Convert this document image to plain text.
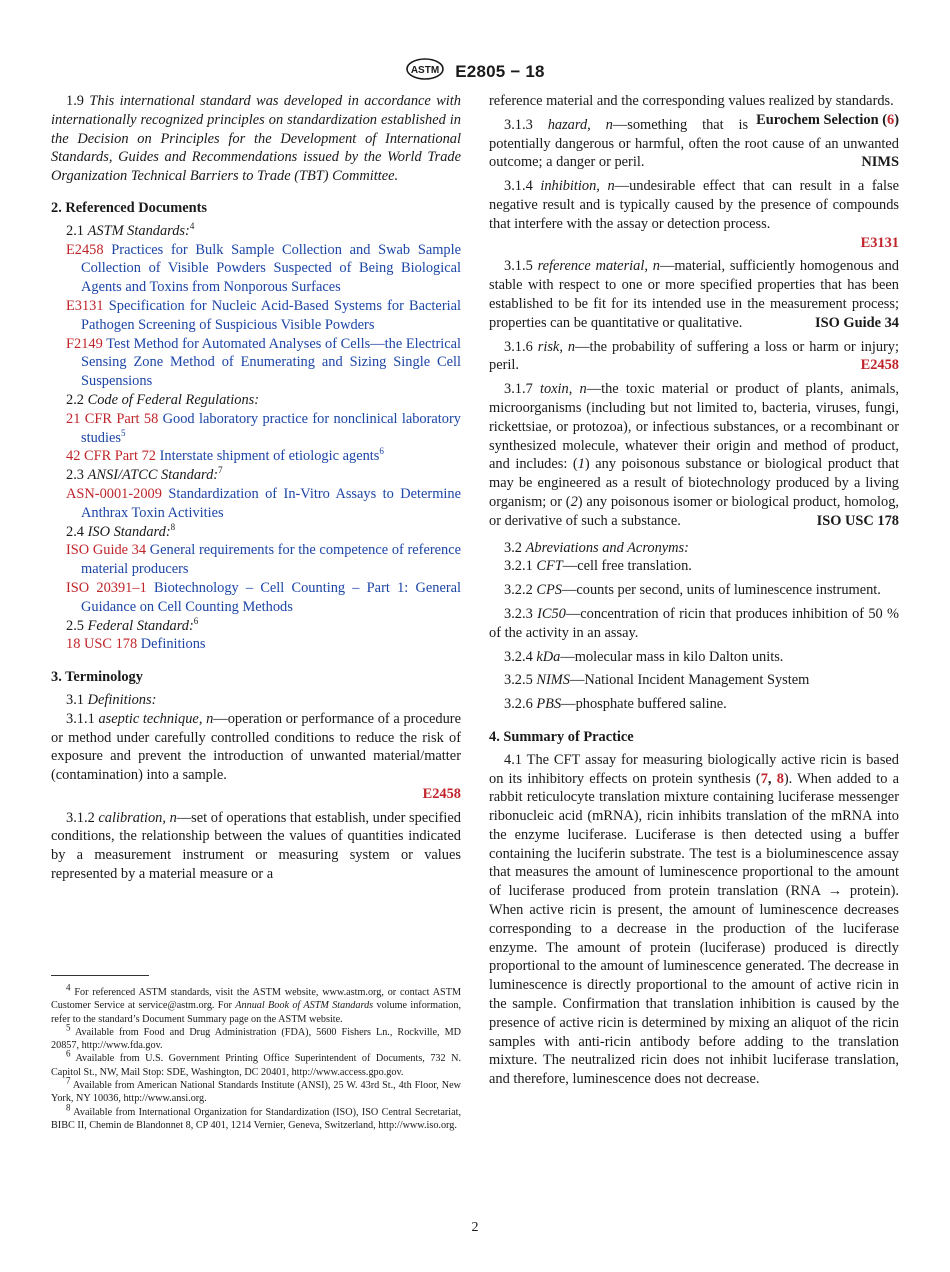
ASTM E2805 − 18

1.9 This international standard was developed in accordance with internationally recognized principles on standardization established in the Decision on Principles for the Development of International Standards, Guides and Recommendations issued by the World Trade Organization Technical Barriers to Trade (TBT) Committee.

2. Referenced Documents

2.1 ASTM Standards:$^4$

E2458 Practices for Bulk Sample Collection and Swab Sample Collection of Visible Powders Suspected of Being Biological Agents and Toxins from Nonporous Surfaces

E3131 Specification for Nucleic Acid-Based Systems for Bacterial Pathogen Screening of Suspicious Visible Powders

F2149 Test Method for Automated Analyses of Cells—the Electrical Sensing Zone Method of Enumerating and Sizing Single Cell Suspensions

2.2 Code of Federal Regulations:

21 CFR Part 58 Good laboratory practice for nonclinical laboratory studies$^5$

42 CFR Part 72 Interstate shipment of etiologic agents$^6$

2.3 ANSI/ATCC Standard:$^7$

ASN-0001-2009 Standardization of In-Vitro Assays to Determine Anthrax Toxin Activities

2.4 ISO Standard:$^8$

ISO Guide 34 General requirements for the competence of reference material producers

ISO 20391–1 Biotechnology – Cell Counting – Part 1: General Guidance on Cell Counting Methods

2.5 Federal Standard:$^6$

18 USC 178 Definitions

3. Terminology

3.1 Definitions:

3.1.1 aseptic technique, n—operation or performance of a procedure or method under carefully controlled conditions to reduce the risk of exposure and prevent the introduction of unwanted material/matter (contamination) into a sample.
E2458

3.1.2 calibration, n—set of operations that establish, under specified conditions, the relationship between the values of quantities indicated by a measurement instrument or measuring system or values represented by a material measure or a

$^4$ For referenced ASTM standards, visit the ASTM website, www.astm.org, or contact ASTM Customer Service at service@astm.org. For Annual Book of ASTM Standards volume information, refer to the standard’s Document Summary page on the ASTM website.

$^5$ Available from Food and Drug Administration (FDA), 5600 Fishers Ln., Rockville, MD 20857, http://www.fda.gov.

$^6$ Available from U.S. Government Printing Office Superintendent of Documents, 732 N. Capitol St., NW, Mail Stop: SDE, Washington, DC 20401, http://www.access.gpo.gov.

$^7$ Available from American National Standards Institute (ANSI), 25 W. 43rd St., 4th Floor, New York, NY 10036, http://www.ansi.org.

$^8$ Available from International Organization for Standardization (ISO), ISO Central Secretariat, BIBC II, Chemin de Blandonnet 8, CP 401, 1214 Vernier, Geneva, Switzerland, http://www.iso.org.

reference material and the corresponding values realized by standards.
Eurochem Selection (6)

3.1.3 hazard, n—something that is potentially dangerous or harmful, often the root cause of an unwanted outcome; a danger or peril.	NIMS

3.1.4 inhibition, n—undesirable effect that can result in a false negative result and is typically caused by the presence of compounds that interfere with the assay or detection process.
E3131

3.1.5 reference material, n—material, sufficiently homogenous and stable with respect to one or more specified properties that has been established to be fit for its intended use in the measurement process; properties can be quantitative or qualitative.	ISO Guide 34

3.1.6 risk, n—the probability of suffering a loss or harm or injury; peril.	E2458

3.1.7 toxin, n—the toxic material or product of plants, animals, microorganisms (including but not limited to, bacteria, viruses, fungi, rickettsiae, or protozoa), or infectious substances, or a recombinant or synthesized molecule, whatever their origin and method of product, and includes: (1) any poisonous substance or biological product that may be engineered as a result of biotechnology produced by a living organism; or (2) any poisonous isomer or biological product, homolog, or derivative of such a substance.	ISO USC 178

3.2 Abreviations and Acronyms:

3.2.1 CFT—cell free translation.

3.2.2 CPS—counts per second, units of luminescence instrument.

3.2.3 IC50—concentration of ricin that produces inhibition of 50 % of the activity in an assay.

3.2.4 kDa—molecular mass in kilo Dalton units.

3.2.5 NIMS—National Incident Management System

3.2.6 PBS—phosphate buffered saline.

4. Summary of Practice

4.1 The CFT assay for measuring biologically active ricin is based on its inhibitory effects on protein synthesis (7, 8). When added to a rabbit reticulocyte translation mixture containing luciferase messenger ribonucleic acid (mRNA), ricin inhibits translation of the mRNA into the enzyme luciferase. Luciferase is then detected using a buffer containing the luciferin substrate. The test is a bioluminescence assay that measures the amount of luminescence proportional to the amount of luciferase produced from protein translation (RNA → protein). When active ricin is present, the amount of luminescence decreases corresponding to a decrease in the production of the luciferase enzyme. The amount of protein (luciferase) produced is directly proportional to the amount of luminescence generated. The decrease in luminescence is directly proportional to the amount of active ricin in the sample. Confirmation that translation inhibition is caused by the presence of active ricin is determined by mixing an aliquot of the ricin samples with anti-ricin antibody before adding to the translation mixture. The neutralized ricin does not inhibit luciferase translation, and therefore, luminescence does not decrease.

2
